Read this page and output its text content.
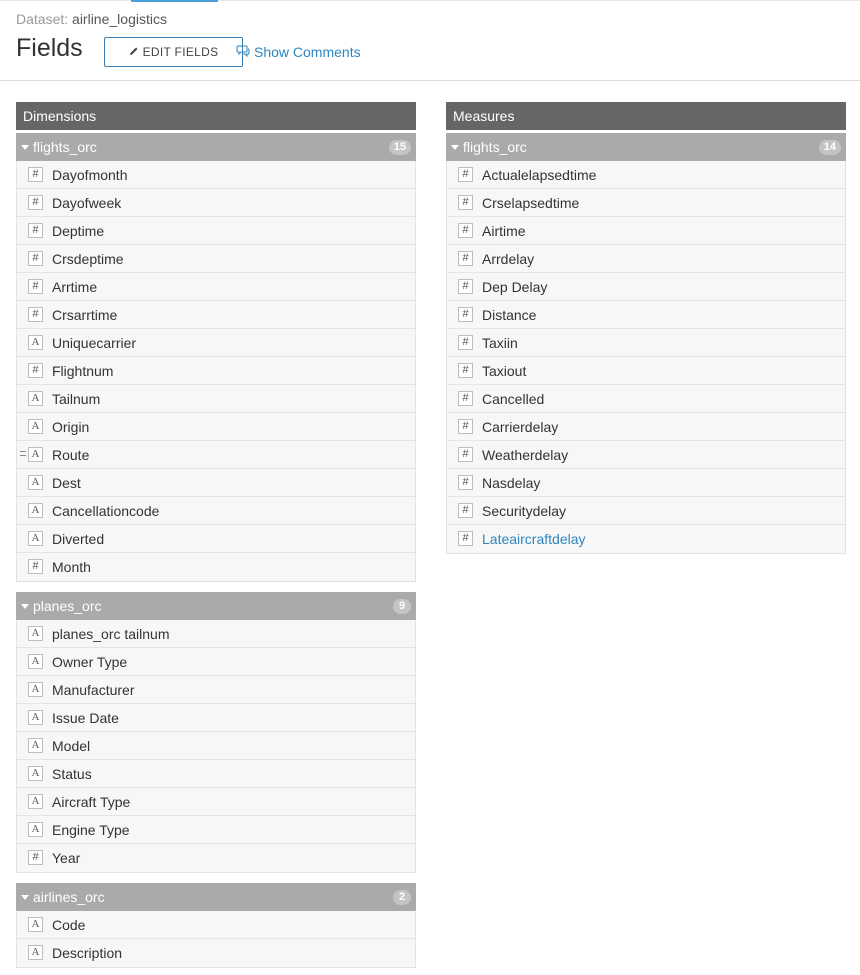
Dataset: airline_logistics
Fields	EDIT FIELDS	Show Comments
Dimensions
flights_orc	15
# Dayofmonth
# Dayofweek
# Deptime
# Crsdeptime
# Arrtime
# Crsarrtime
A Uniquecarrier
# Flightnum
A Tailnum
A Origin
A Route
A Dest
A Cancellationcode
A Diverted
# Month
planes_orc	9
A planes_orc tailnum
A Owner Type
A Manufacturer
A Issue Date
A Model
A Status
A Aircraft Type
A Engine Type
# Year
airlines_orc	2
A Code
A Description
Measures
flights_orc	14
# Actualelapsedtime
# Crselapsedtime
# Airtime
# Arrdelay
# Dep Delay
# Distance
# Taxiin
# Taxiout
# Cancelled
# Carrierdelay
# Weatherdelay
# Nasdelay
# Securitydelay
# Lateaircraftdelay
